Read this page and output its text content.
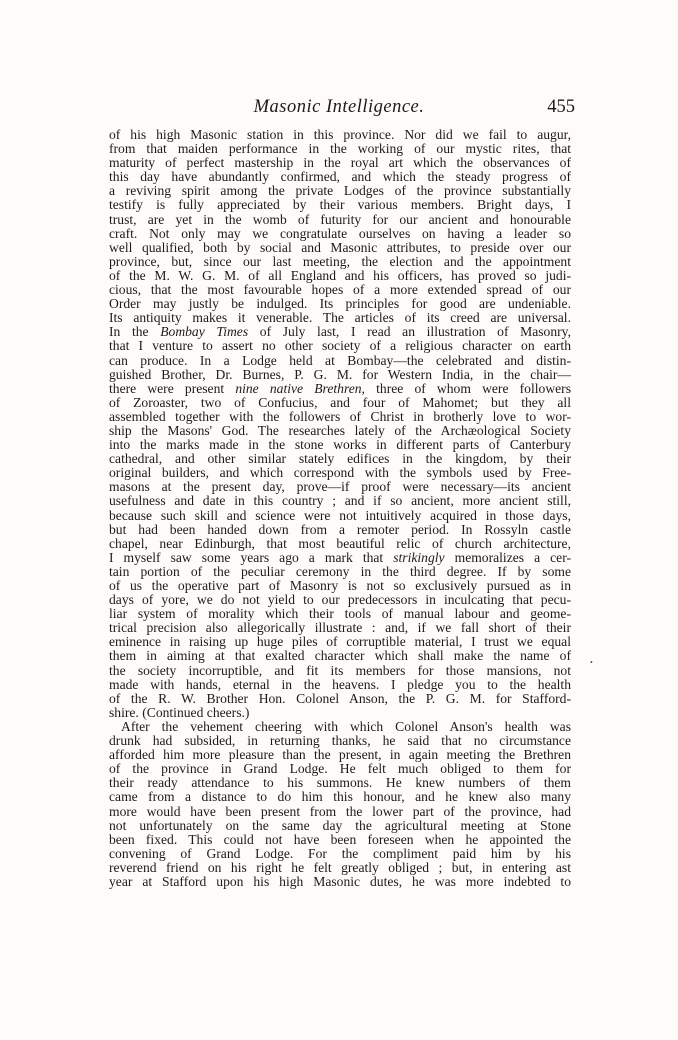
Masonic Intelligence.	455
of his high Masonic station in this province. Nor did we fail to augur,
from that maiden performance in the working of our mystic rites, that
maturity of perfect mastership in the royal art which the observances of
this day have abundantly confirmed, and which the steady progress of
a reviving spirit among the private Lodges of the province substantially
testify is fully appreciated by their various members. Bright days, I
trust, are yet in the womb of futurity for our ancient and honourable
craft. Not only may we congratulate ourselves on having a leader so
well qualified, both by social and Masonic attributes, to preside over our
province, but, since our last meeting, the election and the appointment
of the M. W. G. M. of all England and his officers, has proved so judi-
cious, that the most favourable hopes of a more extended spread of our
Order may justly be indulged. Its principles for good are undeniable.
Its antiquity makes it venerable. The articles of its creed are universal.
In the Bombay Times of July last, I read an illustration of Masonry,
that I venture to assert no other society of a religious character on earth
can produce. In a Lodge held at Bombay—the celebrated and distin-
guished Brother, Dr. Burnes, P. G. M. for Western India, in the chair—
there were present nine native Brethren, three of whom were followers
of Zoroaster, two of Confucius, and four of Mahomet; but they all
assembled together with the followers of Christ in brotherly love to wor-
ship the Masons' God. The researches lately of the Archæological Society
into the marks made in the stone works in different parts of Canterbury
cathedral, and other similar stately edifices in the kingdom, by their
original builders, and which correspond with the symbols used by Free-
masons at the present day, prove—if proof were necessary—its ancient
usefulness and date in this country ; and if so ancient, more ancient still,
because such skill and science were not intuitively acquired in those days,
but had been handed down from a remoter period. In Rossyln castle
chapel, near Edinburgh, that most beautiful relic of church architecture,
I myself saw some years ago a mark that strikingly memoralizes a cer-
tain portion of the peculiar ceremony in the third degree. If by some
of us the operative part of Masonry is not so exclusively pursued as in
days of yore, we do not yield to our predecessors in inculcating that pecu-
liar system of morality which their tools of manual labour and geome-
trical precision also allegorically illustrate : and, if we fall short of their
eminence in raising up huge piles of corruptible material, I trust we equal
them in aiming at that exalted character which shall make the name of
the society incorruptible, and fit its members for those mansions, not
made with hands, eternal in the heavens. I pledge you to the health
of the R. W. Brother Hon. Colonel Anson, the P. G. M. for Stafford-
shire. (Continued cheers.)
After the vehement cheering with which Colonel Anson's health was
drunk had subsided, in returning thanks, he said that no circumstance
afforded him more pleasure than the present, in again meeting the Brethren
of the province in Grand Lodge. He felt much obliged to them for
their ready attendance to his summons. He knew numbers of them
came from a distance to do him this honour, and he knew also many
more would have been present from the lower part of the province, had
not unfortunately on the same day the agricultural meeting at Stone
been fixed. This could not have been foreseen when he appointed the
convening of Grand Lodge. For the compliment paid him by his
reverend friend on his right he felt greatly obliged ; but, in entering ast
year at Stafford upon his high Masonic dutes, he was more indebted to
•
